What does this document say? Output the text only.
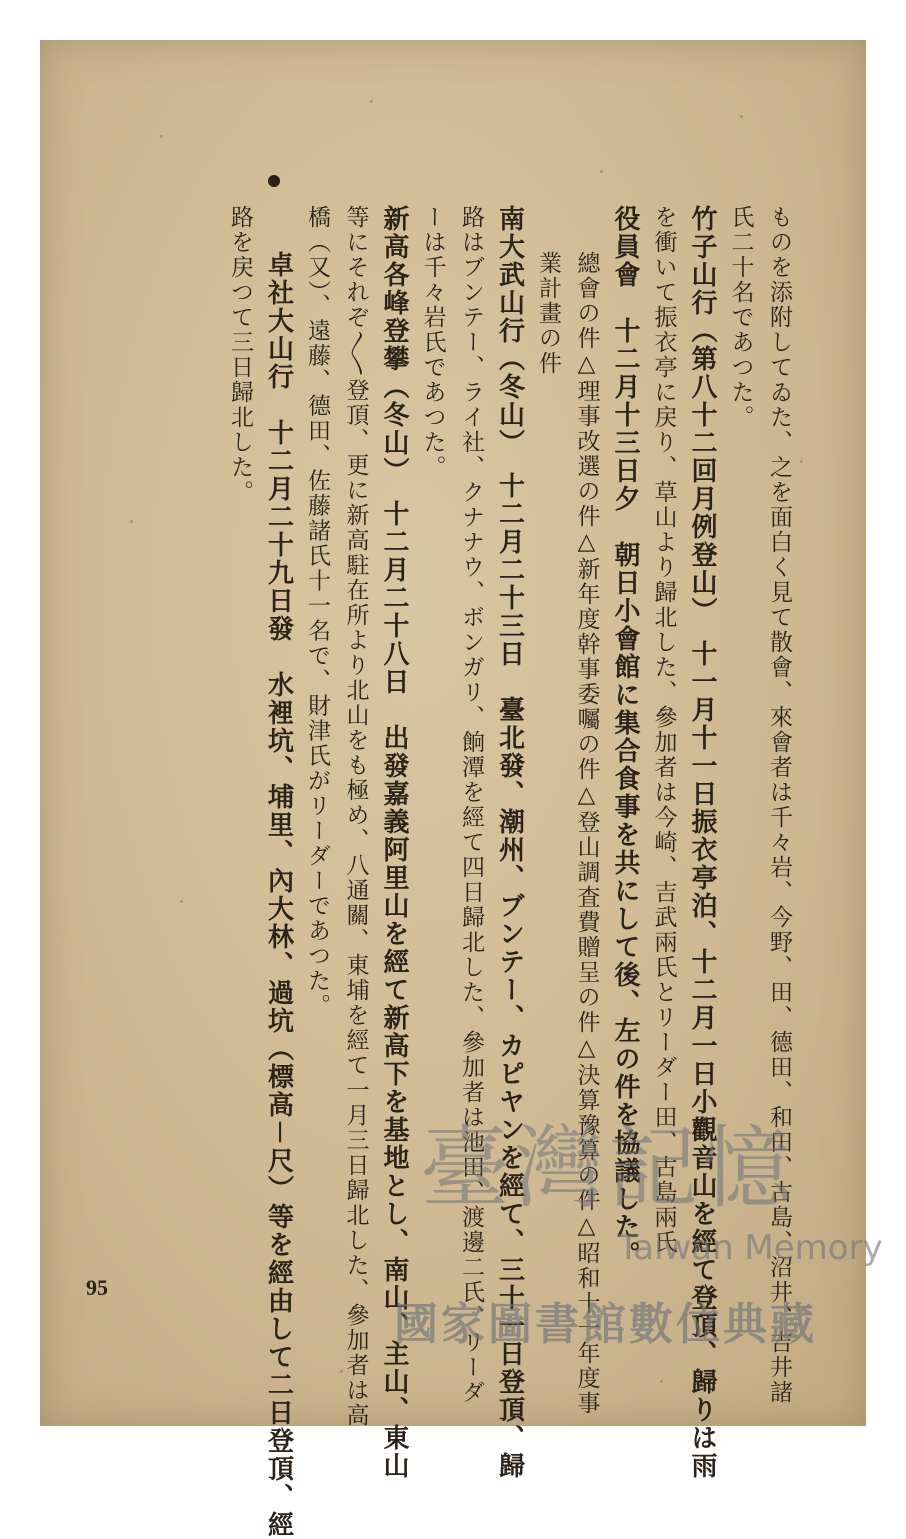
ものを添附してゐた、之を面白く見て散會、來會者は千々岩、今野、田、德田、和田、古島、沼井、吉井諸
氏二十名であつた。
竹子山行（第八十二回月例登山）　十一月十一日振衣亭泊、十二月一日小觀音山を經て登頂、歸りは雨
を衝いて振衣亭に戻り、草山より歸北した、參加者は今崎、吉武兩氏とリーダー田、古島兩氏
役員會　十二月十三日夕　朝日小會館に集合食事を共にして後、左の件を協議した。
總會の件△理事改選の件△新年度幹事委囑の件△登山調査費贈呈の件△決算豫算の件△昭和十一年度事
業計畫の件
南大武山行（冬山）　十二月二十三日　臺北發、潮州、ブンテー、カピヤンを經て、三十一日登頂、歸
路はブンテー、ライ社、クナナウ、ボンガリ、餉潭を經て四日歸北した、參加者は池田、渡邊二氏、リーダ
ーは千々岩氏であつた。
新高各峰登攀（冬山）　十二月二十八日　出發嘉義阿里山を經て新高下を基地とし、南山、主山、東山
等にそれぞ〳〵登頂、更に新高駐在所より北山をも極め、八通關、東埔を經て一月三日歸北した、參加者は高
橋（又）、遠藤、德田、佐藤諸氏十一名で、財津氏がリーダーであつた。
卓社大山行　十二月二十九日發　水裡坑、埔里、內大林、過坑（標高－尺）等を經由して二日登頂、經
路を戻つて三日歸北した。
95
臺灣記憶
Taiwan Memory
國家圖書館數位典藏
